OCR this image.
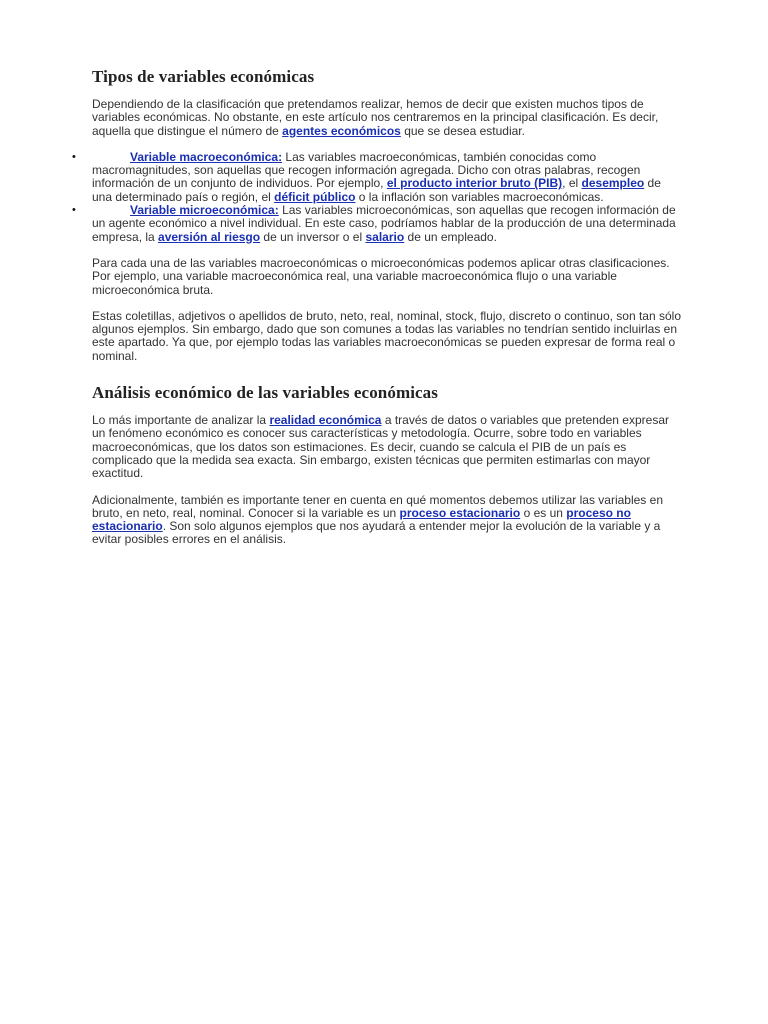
Tipos de variables económicas

Dependiendo de la clasificación que pretendamos realizar, hemos de decir que existen muchos tipos de variables económicas. No obstante, en este artículo nos centraremos en la principal clasificación. Es decir, aquella que distingue el número de agentes económicos que se desea estudiar.

•	Variable macroeconómica: Las variables macroeconómicas, también conocidas como macromagnitudes, son aquellas que recogen información agregada. Dicho con otras palabras, recogen información de un conjunto de individuos. Por ejemplo, el producto interior bruto (PIB), el desempleo de una determinado país o región, el déficit público o la inflación son variables macroeconómicas.
•	Variable microeconómica: Las variables microeconómicas, son aquellas que recogen información de un agente económico a nivel individual. En este caso, podríamos hablar de la producción de una determinada empresa, la aversión al riesgo de un inversor o el salario de un empleado.

Para cada una de las variables macroeconómicas o microeconómicas podemos aplicar otras clasificaciones. Por ejemplo, una variable macroeconómica real, una variable macroeconómica flujo o una variable microeconómica bruta.

Estas coletillas, adjetivos o apellidos de bruto, neto, real, nominal, stock, flujo, discreto o continuo, son tan sólo algunos ejemplos. Sin embargo, dado que son comunes a todas las variables no tendrían sentido incluirlas en este apartado. Ya que, por ejemplo todas las variables macroeconómicas se pueden expresar de forma real o nominal.

Análisis económico de las variables económicas

Lo más importante de analizar la realidad económica a través de datos o variables que pretenden expresar un fenómeno económico es conocer sus características y metodología. Ocurre, sobre todo en variables macroeconómicas, que los datos son estimaciones. Es decir, cuando se calcula el PIB de un país es complicado que la medida sea exacta. Sin embargo, existen técnicas que permiten estimarlas con mayor exactitud.

Adicionalmente, también es importante tener en cuenta en qué momentos debemos utilizar las variables en bruto, en neto, real, nominal. Conocer si la variable es un proceso estacionario o es un proceso no estacionario. Son solo algunos ejemplos que nos ayudará a entender mejor la evolución de la variable y a evitar posibles errores en el análisis.
